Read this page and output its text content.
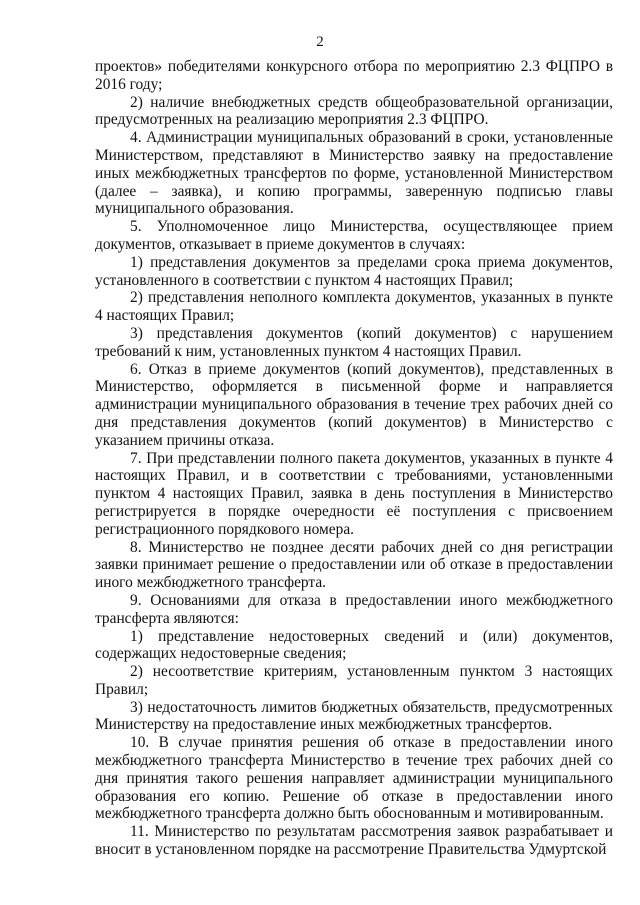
2

проектов» победителями конкурсного отбора по мероприятию 2.3 ФЦПРО в 2016 году;

2) наличие внебюджетных средств общеобразовательной организации, предусмотренных на реализацию мероприятия 2.3 ФЦПРО.

4. Администрации муниципальных образований в сроки, установленные Министерством, представляют в Министерство заявку на предоставление иных межбюджетных трансфертов по форме, установленной Министерством (далее – заявка), и копию программы, заверенную подписью главы муниципального образования.

5. Уполномоченное лицо Министерства, осуществляющее прием документов, отказывает в приеме документов в случаях:

1) представления документов за пределами срока приема документов, установленного в соответствии с пунктом 4 настоящих Правил;

2) представления неполного комплекта документов, указанных в пункте 4 настоящих Правил;

3) представления документов (копий документов) с нарушением требований к ним, установленных пунктом 4 настоящих Правил.

6. Отказ в приеме документов (копий документов), представленных в Министерство, оформляется в письменной форме и направляется администрации муниципального образования в течение трех рабочих дней со дня представления документов (копий документов) в Министерство с указанием причины отказа.

7. При представлении полного пакета документов, указанных в пункте 4 настоящих Правил, и в соответствии с требованиями, установленными пунктом 4 настоящих Правил, заявка в день поступления в Министерство регистрируется в порядке очередности её поступления с присвоением регистрационного порядкового номера.

8. Министерство не позднее десяти рабочих дней со дня регистрации заявки принимает решение о предоставлении или об отказе в предоставлении иного межбюджетного трансферта.

9. Основаниями для отказа в предоставлении иного межбюджетного трансферта являются:

1) представление недостоверных сведений и (или) документов, содержащих недостоверные сведения;

2) несоответствие критериям, установленным пунктом 3 настоящих Правил;

3) недостаточность лимитов бюджетных обязательств, предусмотренных Министерству на предоставление иных межбюджетных трансфертов.

10. В случае принятия решения об отказе в предоставлении иного межбюджетного трансферта Министерство в течение трех рабочих дней со дня принятия такого решения направляет администрации муниципального образования его копию. Решение об отказе в предоставлении иного межбюджетного трансферта должно быть обоснованным и мотивированным.

11. Министерство по результатам рассмотрения заявок разрабатывает и вносит в установленном порядке на рассмотрение Правительства Удмуртской
